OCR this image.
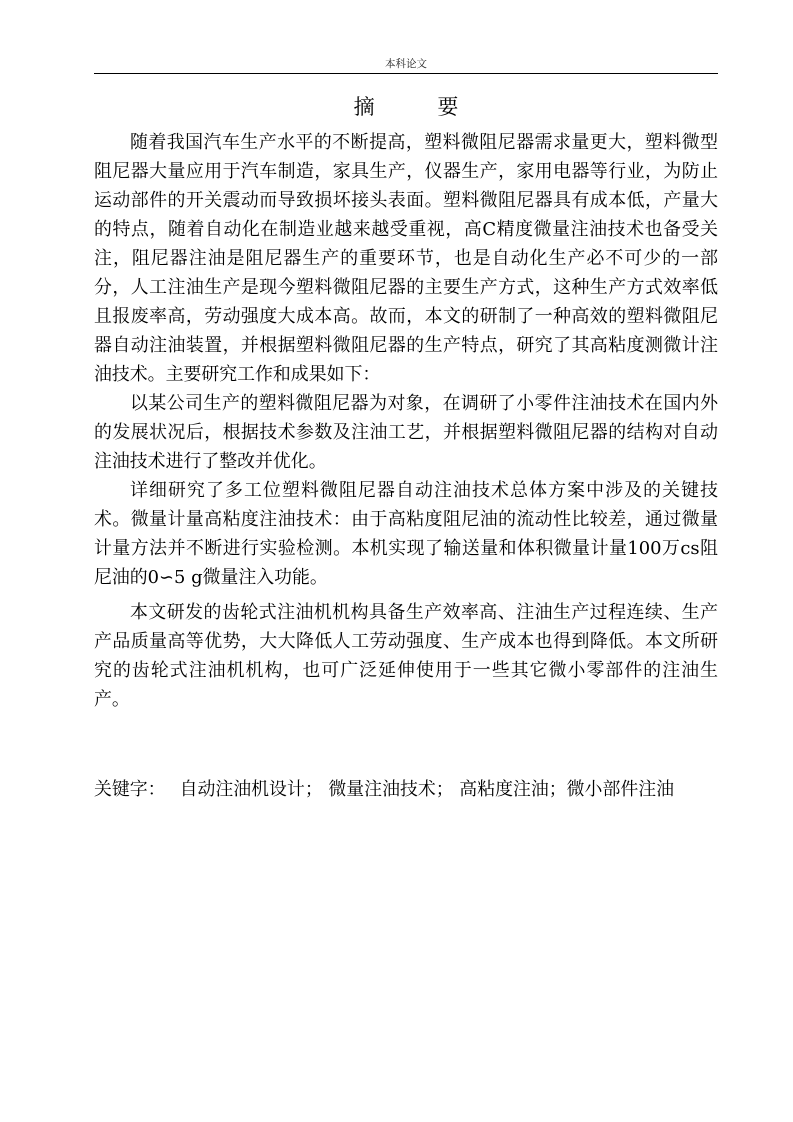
本科论文
摘 要

随着我国汽车生产水平的不断提高，塑料微阻尼器需求量更大，塑料微型阻尼器大量应用于汽车制造，家具生产，仪器生产，家用电器等行业，为防止运动部件的开关震动而导致损坏接头表面。塑料微阻尼器具有成本低，产量大的特点，随着自动化在制造业越来越受重视，高C精度微量注油技术也备受关注，阻尼器注油是阻尼器生产的重要环节，也是自动化生产必不可少的一部分，人工注油生产是现今塑料微阻尼器的主要生产方式，这种生产方式效率低且报废率高，劳动强度大成本高。故而，本文的研制了一种高效的塑料微阻尼器自动注油装置，并根据塑料微阻尼器的生产特点，研究了其高粘度测微计注油技术。主要研究工作和成果如下：

以某公司生产的塑料微阻尼器为对象，在调研了小零件注油技术在国内外的发展状况后，根据技术参数及注油工艺，并根据塑料微阻尼器的结构对自动注油技术进行了整改并优化。

详细研究了多工位塑料微阻尼器自动注油技术总体方案中涉及的关键技术。微量计量高粘度注油技术：由于高粘度阻尼油的流动性比较差，通过微量计量方法并不断进行实验检测。本机实现了输送量和体积微量计量100万cs阻尼油的0∽5 g微量注入功能。

本文研发的齿轮式注油机机构具备生产效率高、注油生产过程连续、生产产品质量高等优势，大大降低人工劳动强度、生产成本也得到降低。本文所研究的齿轮式注油机机构，也可广泛延伸使用于一些其它微小零部件的注油生产。

关键字： 自动注油机设计； 微量注油技术； 高粘度注油；微小部件注油
